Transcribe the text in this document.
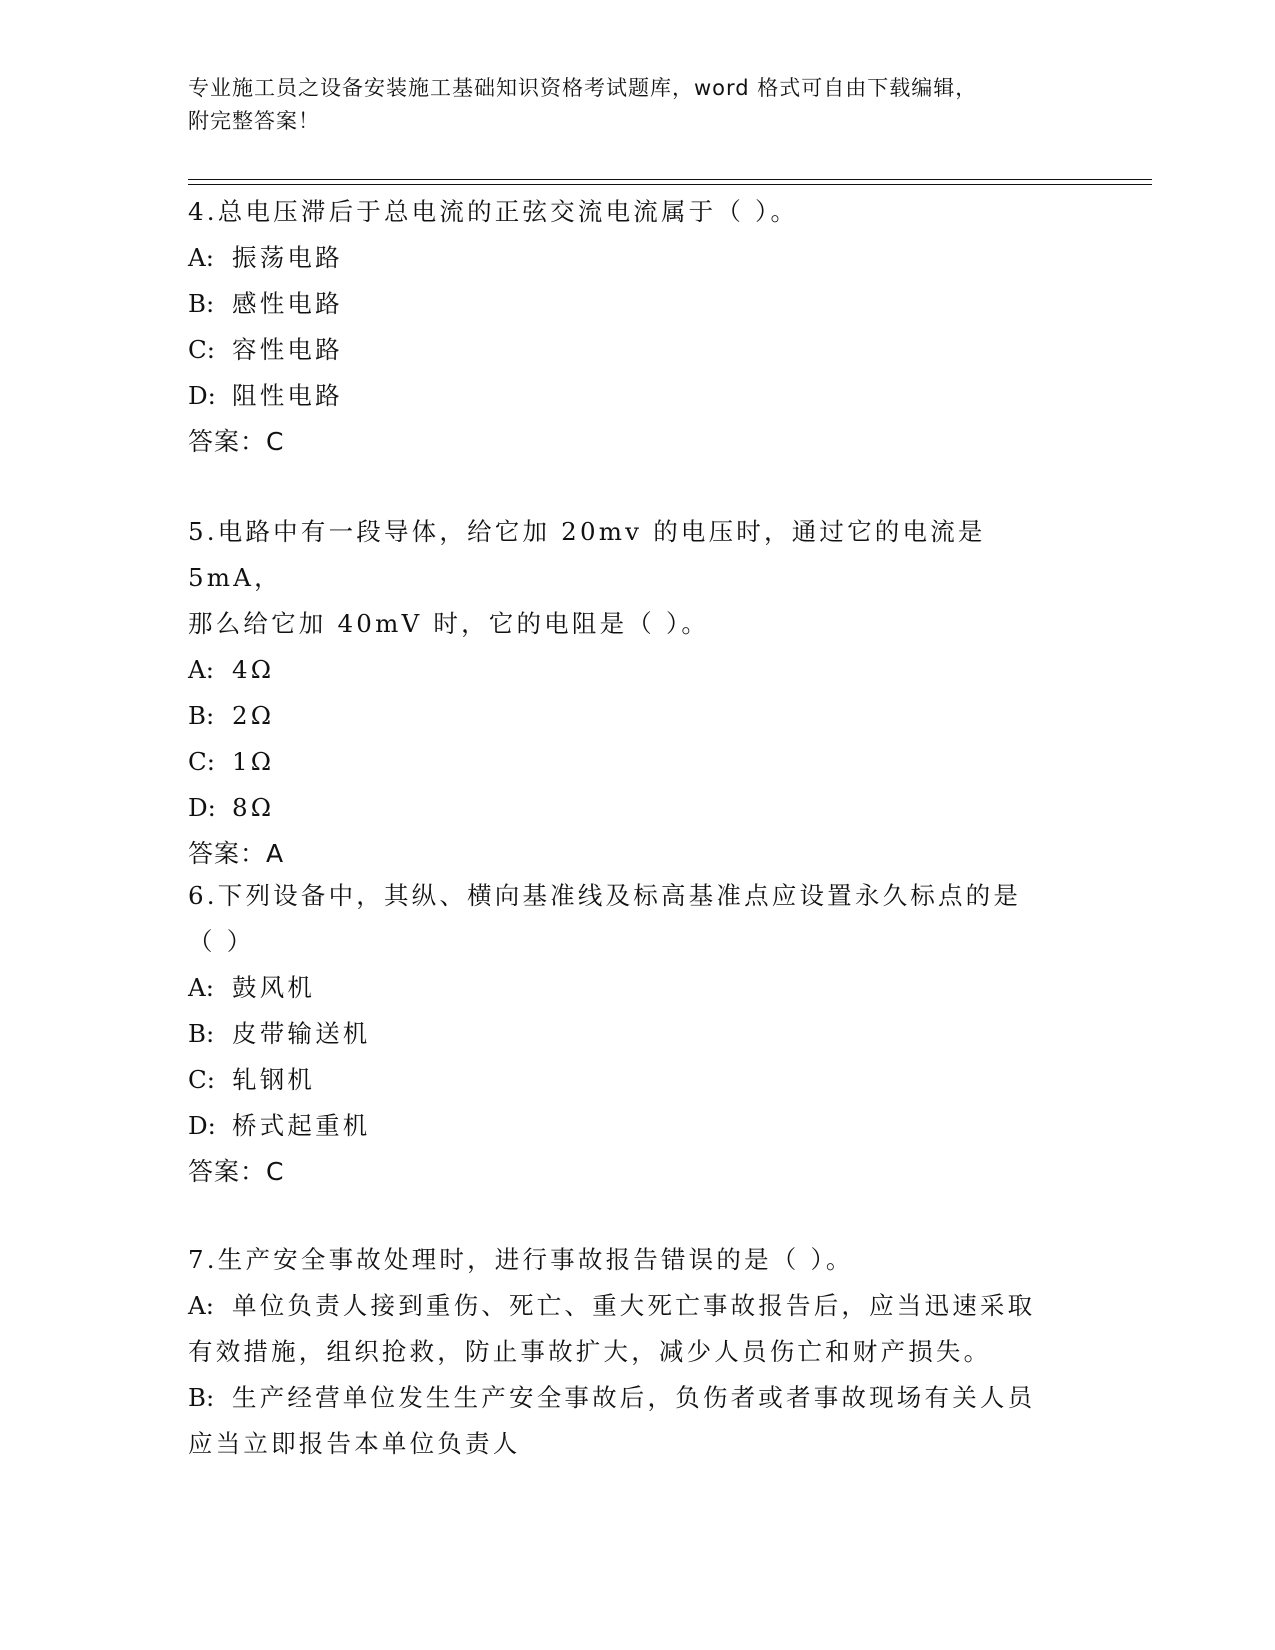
专业施工员之设备安装施工基础知识资格考试题库，word 格式可自由下载编辑，
附完整答案！

4.总电压滞后于总电流的正弦交流电流属于（ ）。

A: 振荡电路

B: 感性电路

C: 容性电路

D: 阻性电路

答案：C

5.电路中有一段导体，给它加 20mv 的电压时，通过它的电流是 5mA，

那么给它加 40mV 时，它的电阻是（ ）。

A: 4Ω

B: 2Ω

C: 1Ω

D: 8Ω

答案：A

6.下列设备中，其纵、横向基准线及标高基准点应设置永久标点的是

（ ）

A: 鼓风机

B: 皮带输送机

C: 轧钢机

D: 桥式起重机

答案：C

7.生产安全事故处理时，进行事故报告错误的是（ ）。

A: 单位负责人接到重伤、死亡、重大死亡事故报告后，应当迅速采取

有效措施，组织抢救，防止事故扩大，减少人员伤亡和财产损失。

B: 生产经营单位发生生产安全事故后，负伤者或者事故现场有关人员

应当立即报告本单位负责人
